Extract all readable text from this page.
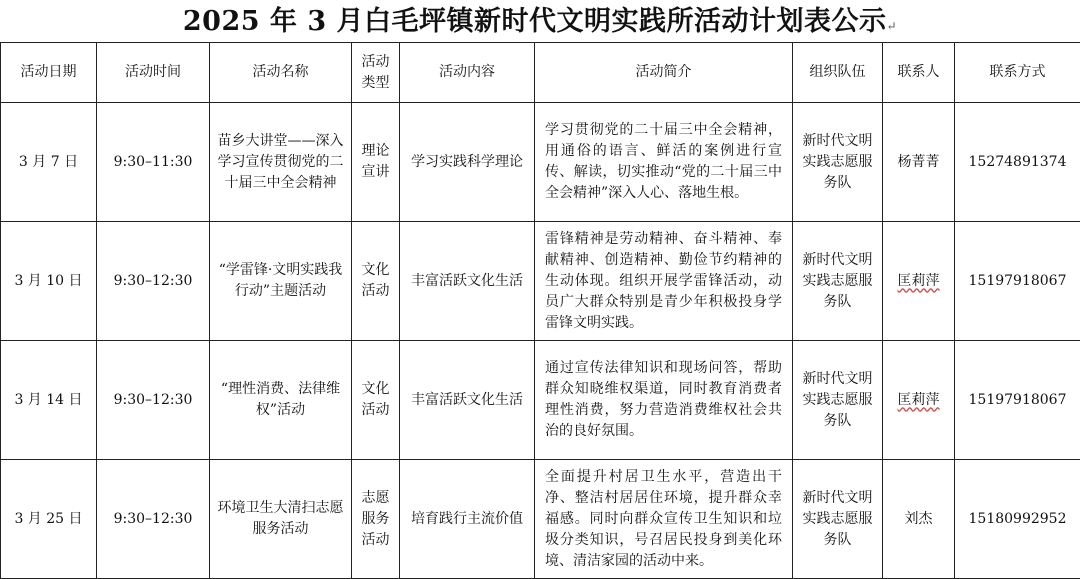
2025 年 3 月白毛坪镇新时代文明实践所活动计划表公示↵
活动日期	活动时间	活动名称	活动类型	活动内容	活动简介	组织队伍	联系人	联系方式
3 月 7 日	9:30–11:30	苗乡大讲堂——深入学习宣传贯彻党的二十届三中全会精神	理论宣讲	学习实践科学理论	学习贯彻党的二十届三中全会精神，用通俗的语言、鲜活的案例进行宣传、解读，切实推动“党的二十届三中全会精神”深入人心、落地生根。	新时代文明实践志愿服务队	杨菁菁	15274891374
3 月 10 日	9:30–12:30	“学雷锋·文明实践我行动”主题活动	文化活动	丰富活跃文化生活	雷锋精神是劳动精神、奋斗精神、奉献精神、创造精神、勤俭节约精神的生动体现。组织开展学雷锋活动，动员广大群众特别是青少年积极投身学雷锋文明实践。	新时代文明实践志愿服务队	匡莉萍	15197918067
3 月 14 日	9:30–12:30	“理性消费、法律维权”活动	文化活动	丰富活跃文化生活	通过宣传法律知识和现场问答，帮助群众知晓维权渠道，同时教育消费者理性消费，努力营造消费维权社会共治的良好氛围。	新时代文明实践志愿服务队	匡莉萍	15197918067
3 月 25 日	9:30–12:30	环境卫生大清扫志愿服务活动	志愿服务活动	培育践行主流价值	全面提升村居卫生水平，营造出干净、整洁村居居住环境，提升群众幸福感。同时向群众宣传卫生知识和垃圾分类知识，号召居民投身到美化环境、清洁家园的活动中来。	新时代文明实践志愿服务队	刘杰	15180992952
